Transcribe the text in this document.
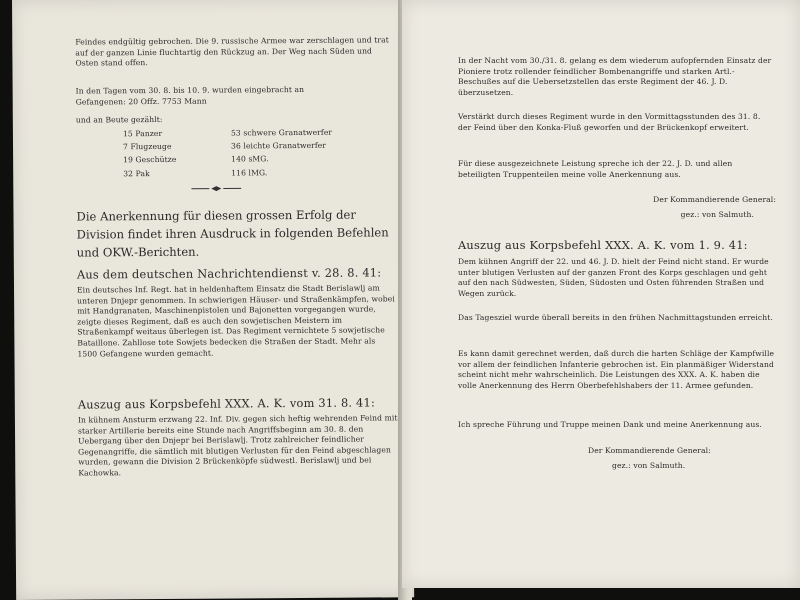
Feindes endgültig gebrochen. Die 9. russische Armee war zerschlagen und trat auf der ganzen Linie fluchtartig den Rückzug an. Der Weg nach Süden und Osten stand offen.

In den Tagen vom 30. 8. bis 10. 9. wurden eingebracht an Gefangenen: 20 Offz. 7753 Mann

und an Beute gezählt:

15 Panzer	53 schwere Granatwerfer
7 Flugzeuge	36 leichte Granatwerfer
19 Geschütze	140 sMG.
32 Pak	116 lMG.

Die Anerkennung für diesen grossen Erfolg der Division findet ihren Ausdruck in folgenden Befehlen und OKW.-Berichten.

Aus dem deutschen Nachrichtendienst v. 28. 8. 41:

Ein deutsches Inf. Regt. hat in heldenhaftem Einsatz die Stadt Berislawlj am unteren Dnjepr genommen. In schwierigen Häuser- und Straßenkämpfen, wobei mit Handgranaten, Maschinenpistolen und Bajonetten vorgegangen wurde, zeigte dieses Regiment, daß es auch den sowjetischen Meistern im Straßenkampf weitaus überlegen ist. Das Regiment vernichtete 5 sowjetische Bataillone. Zahllose tote Sowjets bedecken die Straßen der Stadt. Mehr als 1500 Gefangene wurden gemacht.

Auszug aus Korpsbefehl XXX. A. K. vom 31. 8. 41:

In kühnem Ansturm erzwang 22. Inf. Div. gegen sich heftig wehrenden Feind mit starker Artillerie bereits eine Stunde nach Angriffsbeginn am 30. 8. den Uebergang über den Dnjepr bei Berislawlj. Trotz zahlreicher feindlicher Gegenangriffe, die sämtlich mit blutigen Verlusten für den Feind abgeschlagen wurden, gewann die Division 2 Brückenköpfe südwestl. Berislawlj und bei Kachowka.

In der Nacht vom 30./31. 8. gelang es dem wiederum aufopfernden Einsatz der Pioniere trotz rollender feindlicher Bombenangriffe und starken Artl.-Beschußes auf die Uebersetzstellen das erste Regiment der 46. J. D. überzusetzen.

Verstärkt durch dieses Regiment wurde in den Vormittagsstunden des 31. 8. der Feind über den Konka-Fluß geworfen und der Brückenkopf erweitert.

Für diese ausgezeichnete Leistung spreche ich der 22. J. D. und allen beteiligten Truppenteilen meine volle Anerkennung aus.

Der Kommandierende General:

gez.: von Salmuth.

Auszug aus Korpsbefehl XXX. A. K. vom 1. 9. 41:

Dem kühnen Angriff der 22. und 46. J. D. hielt der Feind nicht stand. Er wurde unter blutigen Verlusten auf der ganzen Front des Korps geschlagen und geht auf den nach Südwesten, Süden, Südosten und Osten führenden Straßen und Wegen zurück.

Das Tagesziel wurde überall bereits in den frühen Nachmittagstunden erreicht.

Es kann damit gerechnet werden, daß durch die harten Schläge der Kampfwille vor allem der feindlichen Infanterie gebrochen ist. Ein planmäßiger Widerstand scheint nicht mehr wahrscheinlich. Die Leistungen des XXX. A. K. haben die volle Anerkennung des Herrn Oberbefehlshabers der 11. Armee gefunden.

Ich spreche Führung und Truppe meinen Dank und meine Anerkennung aus.

Der Kommandierende General:

gez.: von Salmuth.
